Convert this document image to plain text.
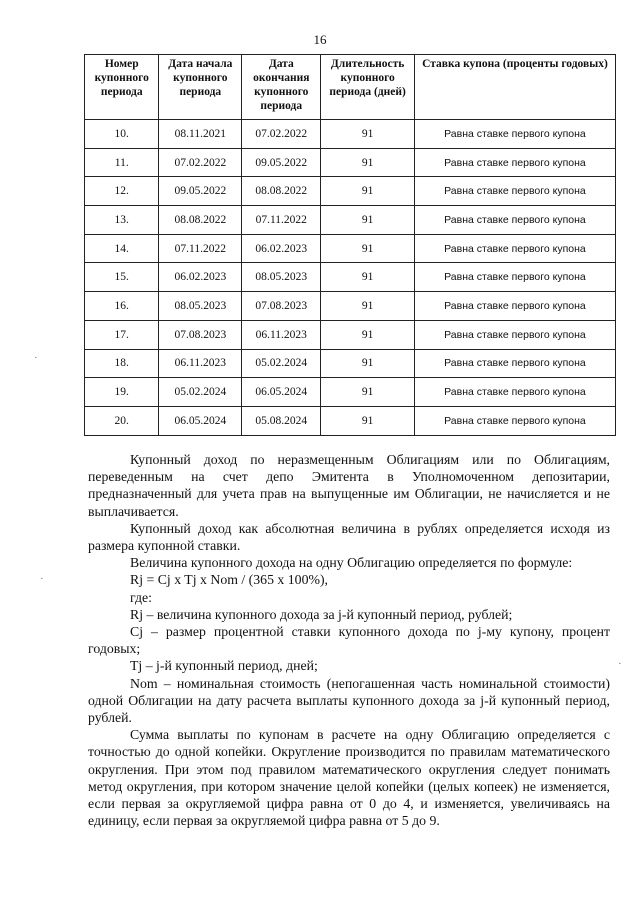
16
Номер купонного периода	Дата начала купонного периода	Дата окончания купонного периода	Длительность купонного периода (дней)	Ставка купона (проценты годовых)
10.	08.11.2021	07.02.2022	91	Равна ставке первого купона
11.	07.02.2022	09.05.2022	91	Равна ставке первого купона
12.	09.05.2022	08.08.2022	91	Равна ставке первого купона
13.	08.08.2022	07.11.2022	91	Равна ставке первого купона
14.	07.11.2022	06.02.2023	91	Равна ставке первого купона
15.	06.02.2023	08.05.2023	91	Равна ставке первого купона
16.	08.05.2023	07.08.2023	91	Равна ставке первого купона
17.	07.08.2023	06.11.2023	91	Равна ставке первого купона
18.	06.11.2023	05.02.2024	91	Равна ставке первого купона
19.	05.02.2024	06.05.2024	91	Равна ставке первого купона
20.	06.05.2024	05.08.2024	91	Равна ставке первого купона

Купонный доход по неразмещенным Облигациям или по Облигациям, переведенным на счет депо Эмитента в Уполномоченном депозитарии, предназначенный для учета прав на выпущенные им Облигации, не начисляется и не выплачивается.

Купонный доход как абсолютная величина в рублях определяется исходя из размера купонной ставки.

Величина купонного дохода на одну Облигацию определяется по формуле:

Rj = Cj x Tj x Nom / (365 x 100%),

где:

Rj – величина купонного дохода за j-й купонный период, рублей;

Cj – размер процентной ставки купонного дохода по j-му купону, процент годовых;

Tj – j-й купонный период, дней;

Nom – номинальная стоимость (непогашенная часть номинальной стоимости) одной Облигации на дату расчета выплаты купонного дохода за j-й купонный период, рублей.

Сумма выплаты по купонам в расчете на одну Облигацию определяется с точностью до одной копейки. Округление производится по правилам математического округления. При этом под правилом математического округления следует понимать метод округления, при котором значение целой копейки (целых копеек) не изменяется, если первая за округляемой цифра равна от 0 до 4, и изменяется, увеличиваясь на единицу, если первая за округляемой цифра равна от 5 до 9.

·
·
·
